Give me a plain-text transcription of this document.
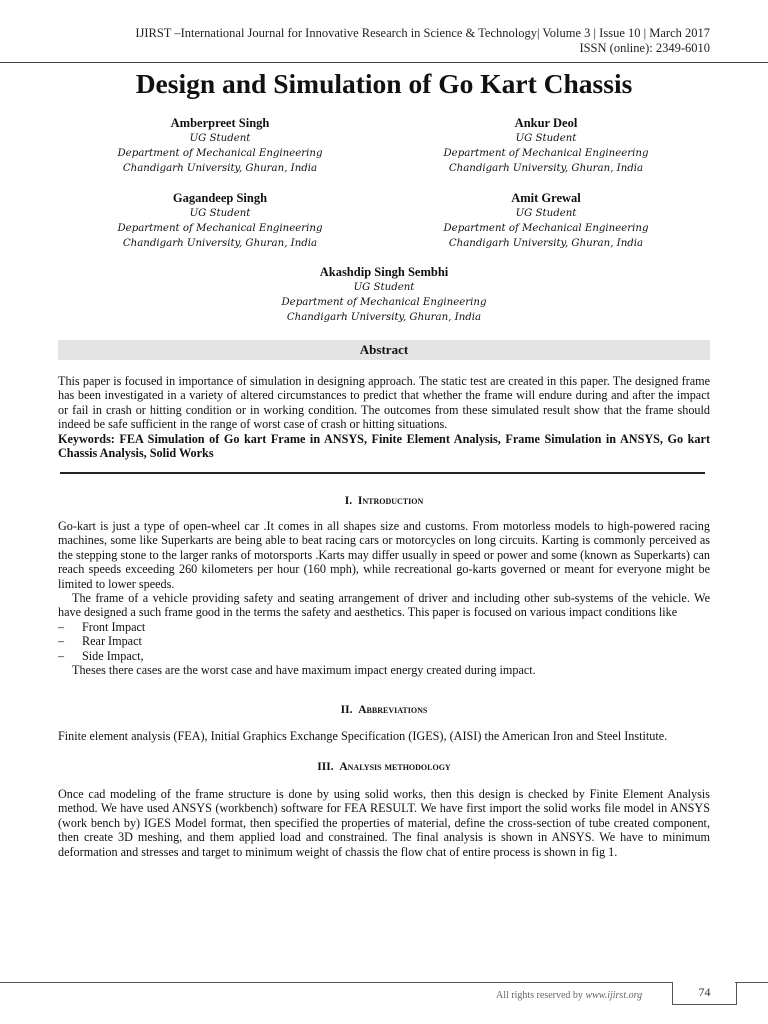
IJIRST –International Journal for Innovative Research in Science & Technology| Volume 3 | Issue 10 | March 2017
ISSN (online): 2349-6010
Design and Simulation of Go Kart Chassis
Amberpreet Singh
UG Student
Department of Mechanical Engineering
Chandigarh University, Ghuran, India
Ankur Deol
UG Student
Department of Mechanical Engineering
Chandigarh University, Ghuran, India
Gagandeep Singh
UG Student
Department of Mechanical Engineering
Chandigarh University, Ghuran, India
Amit Grewal
UG Student
Department of Mechanical Engineering
Chandigarh University, Ghuran, India
Akashdip Singh Sembhi
UG Student
Department of Mechanical Engineering
Chandigarh University, Ghuran, India
Abstract
This paper is focused in importance of simulation in designing approach. The static test are created in this paper. The designed frame has been investigated in a variety of altered circumstances to predict that whether the frame will endure during and after the impact or fail in crash or hitting condition or in working condition. The outcomes from these simulated result show that the frame should indeed be safe sufficient in the range of worst case of crash or hitting situations.
Keywords: FEA Simulation of Go kart Frame in ANSYS, Finite Element Analysis, Frame Simulation in ANSYS, Go kart Chassis Analysis, Solid Works
I. Introduction
Go-kart is just a type of open-wheel car .It comes in all shapes size and customs. From motorless models to high-powered racing machines, some like Superkarts are being able to beat racing cars or motorcycles on long circuits. Karting is commonly perceived as the stepping stone to the larger ranks of motorsports .Karts may differ usually in speed or power and some (known as Superkarts) can reach speeds exceeding 260 kilometers per hour (160 mph), while recreational go-karts governed or meant for everyone might be limited to lower speeds.
The frame of a vehicle providing safety and seating arrangement of driver and including other sub-systems of the vehicle. We have designed a such frame good in the terms the safety and aesthetics. This paper is focused on various impact conditions like
– Front Impact
– Rear Impact
– Side Impact,
Theses there cases are the worst case and have maximum impact energy created during impact.
II. Abbreviations
Finite element analysis (FEA), Initial Graphics Exchange Specification (IGES), (AISI) the American Iron and Steel Institute.
III. Analysis methodology
Once cad modeling of the frame structure is done by using solid works, then this design is checked by Finite Element Analysis method. We have used ANSYS (workbench) software for FEA RESULT. We have first import the solid works file model in ANSYS (work bench by) IGES Model format, then specified the properties of material, define the cross-section of tube created component, then create 3D meshing, and them applied load and constrained. The final analysis is shown in ANSYS. We have to minimum deformation and stresses and target to minimum weight of chassis the flow chat of entire process is shown in fig 1.
All rights reserved by www.ijirst.org	74
